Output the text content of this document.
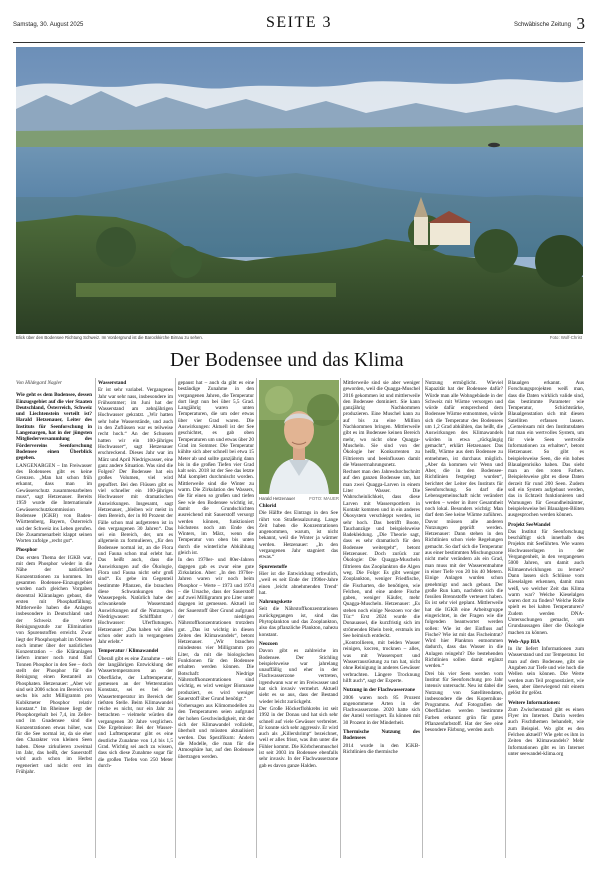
Samstag, 30. August 2025	SEITE 3	Schwäbische Zeitung 3
Blick über den Bodensee Richtung Schweiz. Im Vordergrund ist die Barockkirche Birnau zu sehen.	Foto: Wolf-Christ
Der Bodensee und das Klima

Von Hildegard Nagler

Wie geht es dem Bodensee, dessen Einzugsgebiet auf die vier Staaten Deutschland, Österreich, Schweiz und Liechtenstein verteilt ist? Harald Hetzenauer, Leiter des Instituts für Seenforschung in Langenargen, hat in der jüngsten Mitgliederversammlung des Fördervereins Seenforschung Bodensee einen Überblick gegeben.

LANGENARGEN – Im Freiwasser des Bodensees gibt es keine Grenzen. „Man hat schon früh erkannt, dass man im Gewässerschutz zusammenarbeiten muss“, sagt Hetzenauer. Bereits 1959 wurde die Internationale Gewässerschutzkommission Bodensee (IGKB) von Baden-Württemberg, Bayern, Österreich und der Schweiz ins Leben gerufen. Die Zusammenarbeit klappt seinen Worten zufolge „recht gut“.

Phosphor

Das ersten Thema der IGKB war, mit dem Phosphor wieder in die Nähe der natürlichen Konzentrationen zu kommen. Im gesamten Bodensee-Einzugsgebiet wurden nach gleichen Vorgaben dezentral Kläranlagen gebaut, die ersten mit Phosphatfällung. Mittlerweile haben die Anlagen insbesondere in Deutschland und der Schweiz die vierte Reinigungsstufe zur Elimination von Spurenstoffen erreicht. Zwar liegt der Phosphorgehalt im Obersee noch immer über der natürlichen Konzentration – die Kläranlagen liefern immer noch rund fünf Tonnen Phosphor in den See – doch stellt der Phosphor für die Reinigung einen Restanteil an Phosphaten. Hetzenauer: „Aber wir sind seit 2006 schon im Bereich von sechs bis acht Milligramm pro Kubikmeter Phosphor relativ konstant.“ Im Rheinsee liegt der Phosphorgehalt bei 7,4, im Zeller- und im Gnadensee sind die Konzentrationen etwas höher, was für die See normal ist, da sie eher den Charakter von kleinen Seen haben. Diese zirkulieren zweimal im Jahr, das heißt, der Sauerstoff wird auch schon im Herbst regeneriert und nicht erst im Frühjahr.

Wasserstand

Er ist sehr variabel. Vergangenes Jahr war sehr nass, insbesondere im Frühsommer; im Juni hat der Wasserstand am zehnjährigen Hochwasser gekratzt. „Wir hatten sehr hohe Wasserstände, und auch in den Zuflüssen war es teilweise recht hoch.“ An der Schussen hatten wir ein 100-jähriges Hochwasser“, sagt Hetzenauer erschreckend. Dieses Jahr war im März und April Niedrigwasser, eine ganz andere Situation. Was sind die Folgen? Der Bodensee hat ein großes Volumen, viel wird gepuffert. Bei den Flüssen gibt es viel schneller ein 100-jähriges Hochwasser mit dramatischen Auswirkungen. Insgesamt, sagt Hetzenauer, „bleiben wir meist in dem Bereich, der in 80 Prozent der Fälle schon mal aufgetreten ist in den vergangenen 30 Jahren“. Das sei ein Bereich, der, um es allgemein zu formulieren, „für den Bodensee normal ist, an die Flora und Fauna schon mal erlebt hat. Das heißt auch, dass die Auswirkungen auf die Ökologie, Flora und Fauna nicht sehr groß sind“. Es gebe im Gegenteil bestimmte Pflanzen, die brauchen diese Schwankungen des Wasserpegels. Natürlich habe der schwankende Wasserstand Auswirkungen auf die Nutzungen. Niedrigwasser: Schifffahrt / Hochwasser: Uferflutungen. Hetzenauer: „Das haben wir alles schon oder auch in vergangenen Jahr erlebt.“

Temperatur / Klimawandel

Überall gibt es eine Zunahme – seit der langjährigen Entwicklung der Wassertemperaturen an der Oberfläche, der Lufttemperatur, gemessen an der Wetterstation Konstanz, sei es bei der Wassertemperatur im Bereich der tiefsten Stelle. Beim Klimawandel reiche es nicht, nur ein Jahr zu betrachten – vielmehr würden die vergangenen 30 Jahre verglichen. Die Ergebnisse: Bei der Wasser- und Lufttemperatur gibt es eine deutliche Zunahme von 1,4 bis 1,5 Grad. Wichtig sei auch zu wissen, dass sich diese Zunahme sogar für die großen Tiefen von 250 Meter durch-

gepaust hat – auch da gibt es eine beständige Zunahme in den vergangenen Jahren, die Temperatur dort liegt nun bei über 5,5 Grad. Langjährig waren unten Temperaturen, die um oder etwas über vier Grad waren. Die Auswirkungen: Aktuell ist der See geschichtet, es gab oben Temperaturen um und etwas über 20 Grad im Sommer. Die Temperatur kühlte sich aber schnell bei etwa 15 Meter ab und sollte ganzjährig dann bis in die großen Tiefen vier Grad kalt sein. 2018 ist der See das letzte Mal komplett durchmischt worden. Mittlerweile sind die Winter zu warm. Die Zirkulation des Wassers, die für einen so großen und tiefen See wie den Bodensee wichtig ist, damit die Grundschichten ausreichend mit Sauerstoff versorgt werden können, funktioniert höchstens noch am Ende des Winters, im März, wenn die Temperatur von oben bis unten durch die winterliche Abkühlung gleich ist.

In den 1970er- und 80er-Jahren dagegen gab es zwar eine gute Zirkulation. Aber: „In den 1970er-Jahren waren wir noch beim Phosphor – Werte – 1973 und 1974 – die Ursache, dass der Sauerstoff auf zwei Milligramm pro Liter unter dagegen ist gemessen. Aktuell ist der Sauerstoff über Grund aufgrund der niedrigen Nährstoffkonzentrationen trotzdem gut. „Das ist wichtig in diesen Zeiten des Klimawandels“, betont Hetzenauer. „Wir brauchen mindestens vier Milligramm pro Liter, da mit die biologischen Funktionen für den Bodensee erhalten werden können. Die Botschaft: Niedrige Nährstoffkonzentrationen sind wichtig, es wird weniger Biomasse produziert, es wird weniger Sauerstoff über Grund benötigt.“

Vorhersagen aus Klimomodellen zu den Temperaturen seien aufgrund der hohen Geschwindigkeit, mit der sich der Klimawandel vollzieht, überholt und müssten aktualisiert werden. Das Spezifikum: Ändern die Modelle, die man für die Atmosphäre hat, auf den Bodensee übertragen werden.

FOTO: MAUER
Harald Hetzenauer

Chlorid

Die Hälfte des Eintrags in den See rührt von Straßensalzurung. Lange Zeit haben die Konzentrationen angenommen, warum, ist nicht bekannt, weil die Winter ja wärmer werden. Hetzenauer: „In den vergangenen Jahr stagniert das etwas.“

Spurenstoffe

Hier ist die Entwicklung erfreulich, „weil es seit Ende der 1990er-Jahre einen ‚leicht abnehmenden Trend‘ hat.

Nahrungskette

Seit die Nährstoffkonzentrationen zurückgegangen ist, sind das Phytoplankton und das Zooplankton, also das pflanzliche Plankton, nahezu konstant.

Neozoen

Davon gibt es zahlreiche im Bodensee. Der Stichling beispielsweise war jahrelang unauffällig und eher in der Flachwasserzone vertreten, irgendwann war er im Freiwasser und hat sich invasiv vermehrt. Aktuell sieht es so aus, dass der Bestand wieder leicht zurückgeht.

Der Große Höckerflohkrebs ist seit 1992 in der Donau und hat sich sehr schnell auf viele Gewässer verbreitet. Er konnte sich sehr aggressiv. Er wird auch als „Killershrimp“ bezeichnet, weil er alles frisst, was ihm unter die Fühler kommt. Die Körbchenmuschel ist seit 2003 im Bodensee ebenfalls sehr invasiv. In der Flachwasserzone gab es davon ganze Halden.

Mittlerweile sind sie aber weniger geworden, weil die Quagga-Muschel 2016 gekommen ist und mittlerweile den Bodensee dominiert. Sie kann ganzjährig Nachkommen produzieren. Eine Muschel kann zu auf bis zu eine Million Nachkommen bringen. Mittlerweile gibt es im Bodensee keinen Bereich mehr, wo nicht ohne Quagga-Muscheln. Sie sind von der Ökologie her Konkurrenten zu Filtrierern und beeinflussen damit die Wasserrnahrungsnetz.

Rechnet man den Jahresdurchschnitt auf den ganzen Bodensee um, hat man zwei Quagga-Larven in einem Liter Wasser. Die Wahrscheinlichkeit, dass diese Larven mit Wassersportlern in Kontakt kommen und in ein anderes Ökosystem verschleppt werden, ist sehr hoch. Das betrifft Boote, Tauchanzüge und beispielsweise Badekleidung. „Die Theorie sagt, dass es sehr dramatisch für den Bodensee weitergeht“, betont Hetzenauer. Doch zurück zur Ökologie: Die Quagga-Muscheln filtrieren das Zooplankton die Algen weg. Die Folge: Es gibt weniger Zooplankton, weniger Friedfische, die Fischarten, die benötigen, wie Felchen, und eine andere Fische gaben, weniger Käufer, mehr Quagga-Muscheln. Hetzenauer: „Es stehen noch einige Neozoen vor der Tür.“ Erst 2024 wurde die Donauassel, die kurzfristig sich im strömenden Rhein breit, erstmals im See heimisch entdeckt.

„Kontrollieren, mit beiden Wasser reinigen, kocren, trocknen – alles, was mit Wassersport und Wasserrausrüstung zu tun hat, nicht ohne Reinigung in anderes Gewässer verbrachten. Längere Trocknung hilft auch“, sagt der Experte.

Nutzung in der Flachwasserzone

2006 waren noch 85 Prozent angenommene Arten in der Flachwasserzone. 2020 hatte sich der Anteil verringert. Es können mit 30 Prozent in der Minderheit.

Thermische Nutzung des Bodensees

2014 wurde in den IGKB-Richtlinien die thermische

Nutzung ermöglicht. Wieviel Kapazität hat der Bodensee dafür? Würde man alle Wohngebäude in der Schweiz mit Wärme versorgen und würde dafür entsprechend dem Bodensee Wärme entnommen, würde sich die Temperatur des Bodensees um 1,2 Grad abkühlen, das heißt, die Auswirkungen des Klimawandels würden in etwa „rückgängig gemacht“, erklärt Hetzenauer. Das heißt, Wärme aus dem Bodensee zu entnehmen, ist durchaus möglich. „Aber da kommen wir Wenn und Aber, die in den Bodensee-Richtlinien festgelegt wurden“, berichtet der Leiter des Instituts für Seenforschung. So darf die Lebensgemeinschaft nicht verändert werden – weder in ihrer Gesamtheit noch lokal. Besonders wichtig: Man darf dem See keine Wärme zuführen. Davor müssen alle anderen Nutzungen geprüft werden. Hetzenauer: Dann stehen in den Richtlinien schon viele Regelungen gemacht. So darf sich die Temperatur aus einer bestimmten Mischungszone nicht mehr verändern als ein Grad, man muss mit der Wasserentnahme in einer Tiefe von 20 bis 40 Metern. Einige Anlagen wurden schon genehmigt und auch gebaut. Der große Run kam, nachdem sich die fossilen Brennstoffe verteuert haben. Es ist sehr viel geplant. Mittlerweile hat die IGKB eine Arbeitsgruppe eingerichtet, in der Fragen wie die folgenden beantwortet werden sollen: Wie ist der Einfluss auf Fische? Wie ist mit das Fischeintrat? Wird hier Plankton entnommen dadurch, dass das Wasser in die Anlagen reingeht? Die bestehenden Richtlinien sollen damit ergänzt werden.“

Drei bis vier Seen werden vom Institut für Seenforschung pro Jahr intensiv untersucht. Neu ist dabei die Nutzung von Satellitendaten, insbesondere die des Kopernikus-Programms. Auf Fotografien der Oberflächen werden bestimmte Farben erkannt: grün für gutes Pflanzenfarbstoff. Hat der See eine besondere Färbung, werden auch

Blaualgen erkannt. Aus Forschungsprojekten weiß man, dass die Daten wirklich valide sind, das bestimmte Parameter wie Temperatur, Schichtstärke, Blaualgenstation sich mit diesen Satelliten erfassen lassen. „Gemeinsam mit den Institutsdaten hat man ein wertvolles System, um für viele Seen wertvolle Informationen zu erhalten“, betont Hetzenauer. So gibt es beispielsweise Seen, die ein hohes Blaualgenrisiko haben. Das sieht man an den roten Farben. Beispielsweise gibt es diese Daten derzeit für rund 200 Seen. Zudem soll ein System aufgebaut werden, das in Echtzeit funktionieren und Warnungen für Gesundheitsämter, beispielsweise bei Blaualgen-Blüten ausgesprochen werden können.

Projekt SeeWandel

Das Institut für Seenforschung beschäftigt sich innerhalb des Projekts mit Seeführten. Wie waren Hochwasserlagen in der Vergangenheit, in den vergangenen 5000 Jahren, um damit auch Klimaentwicklungen zu lernen? Dann lassen sich Schlüsse vom Kieselalgen erkennen, damit man weiß, wo welcher Zeit das Klima warm war? Welche Kieselalgen waren dort zu finden? Welche Rolle spielt es bei kalten Temperaturen? Zudem werden DNA-Untersuchungen gemacht, um Grundaussagen über die Ökologie machen zu können.

Web-App BIA

In ihr liefert Informationen zum Wasserstand und zur Temperatur. Ist man auf dem Bodensee, gibt sie Angaben zur Tiefe und wie hoch die Wellen sein können. Die Werte werden zum Teil prognostiziert, wie Seen, aber überwiegend mit einem gelöst ihr gelöst.

Weitere Informationen:

Zum Zwischenstand gibt es einen Flyer im Internet. Darin werden auch Fischthemen behandelt, wie zum Beispiel. Wo gibt es den Felchen aktuell? Wie geht es ihm in Zeiten des Klimawandels? Mehr Informationen gibt es im Internet unter seewandel-klima.org
